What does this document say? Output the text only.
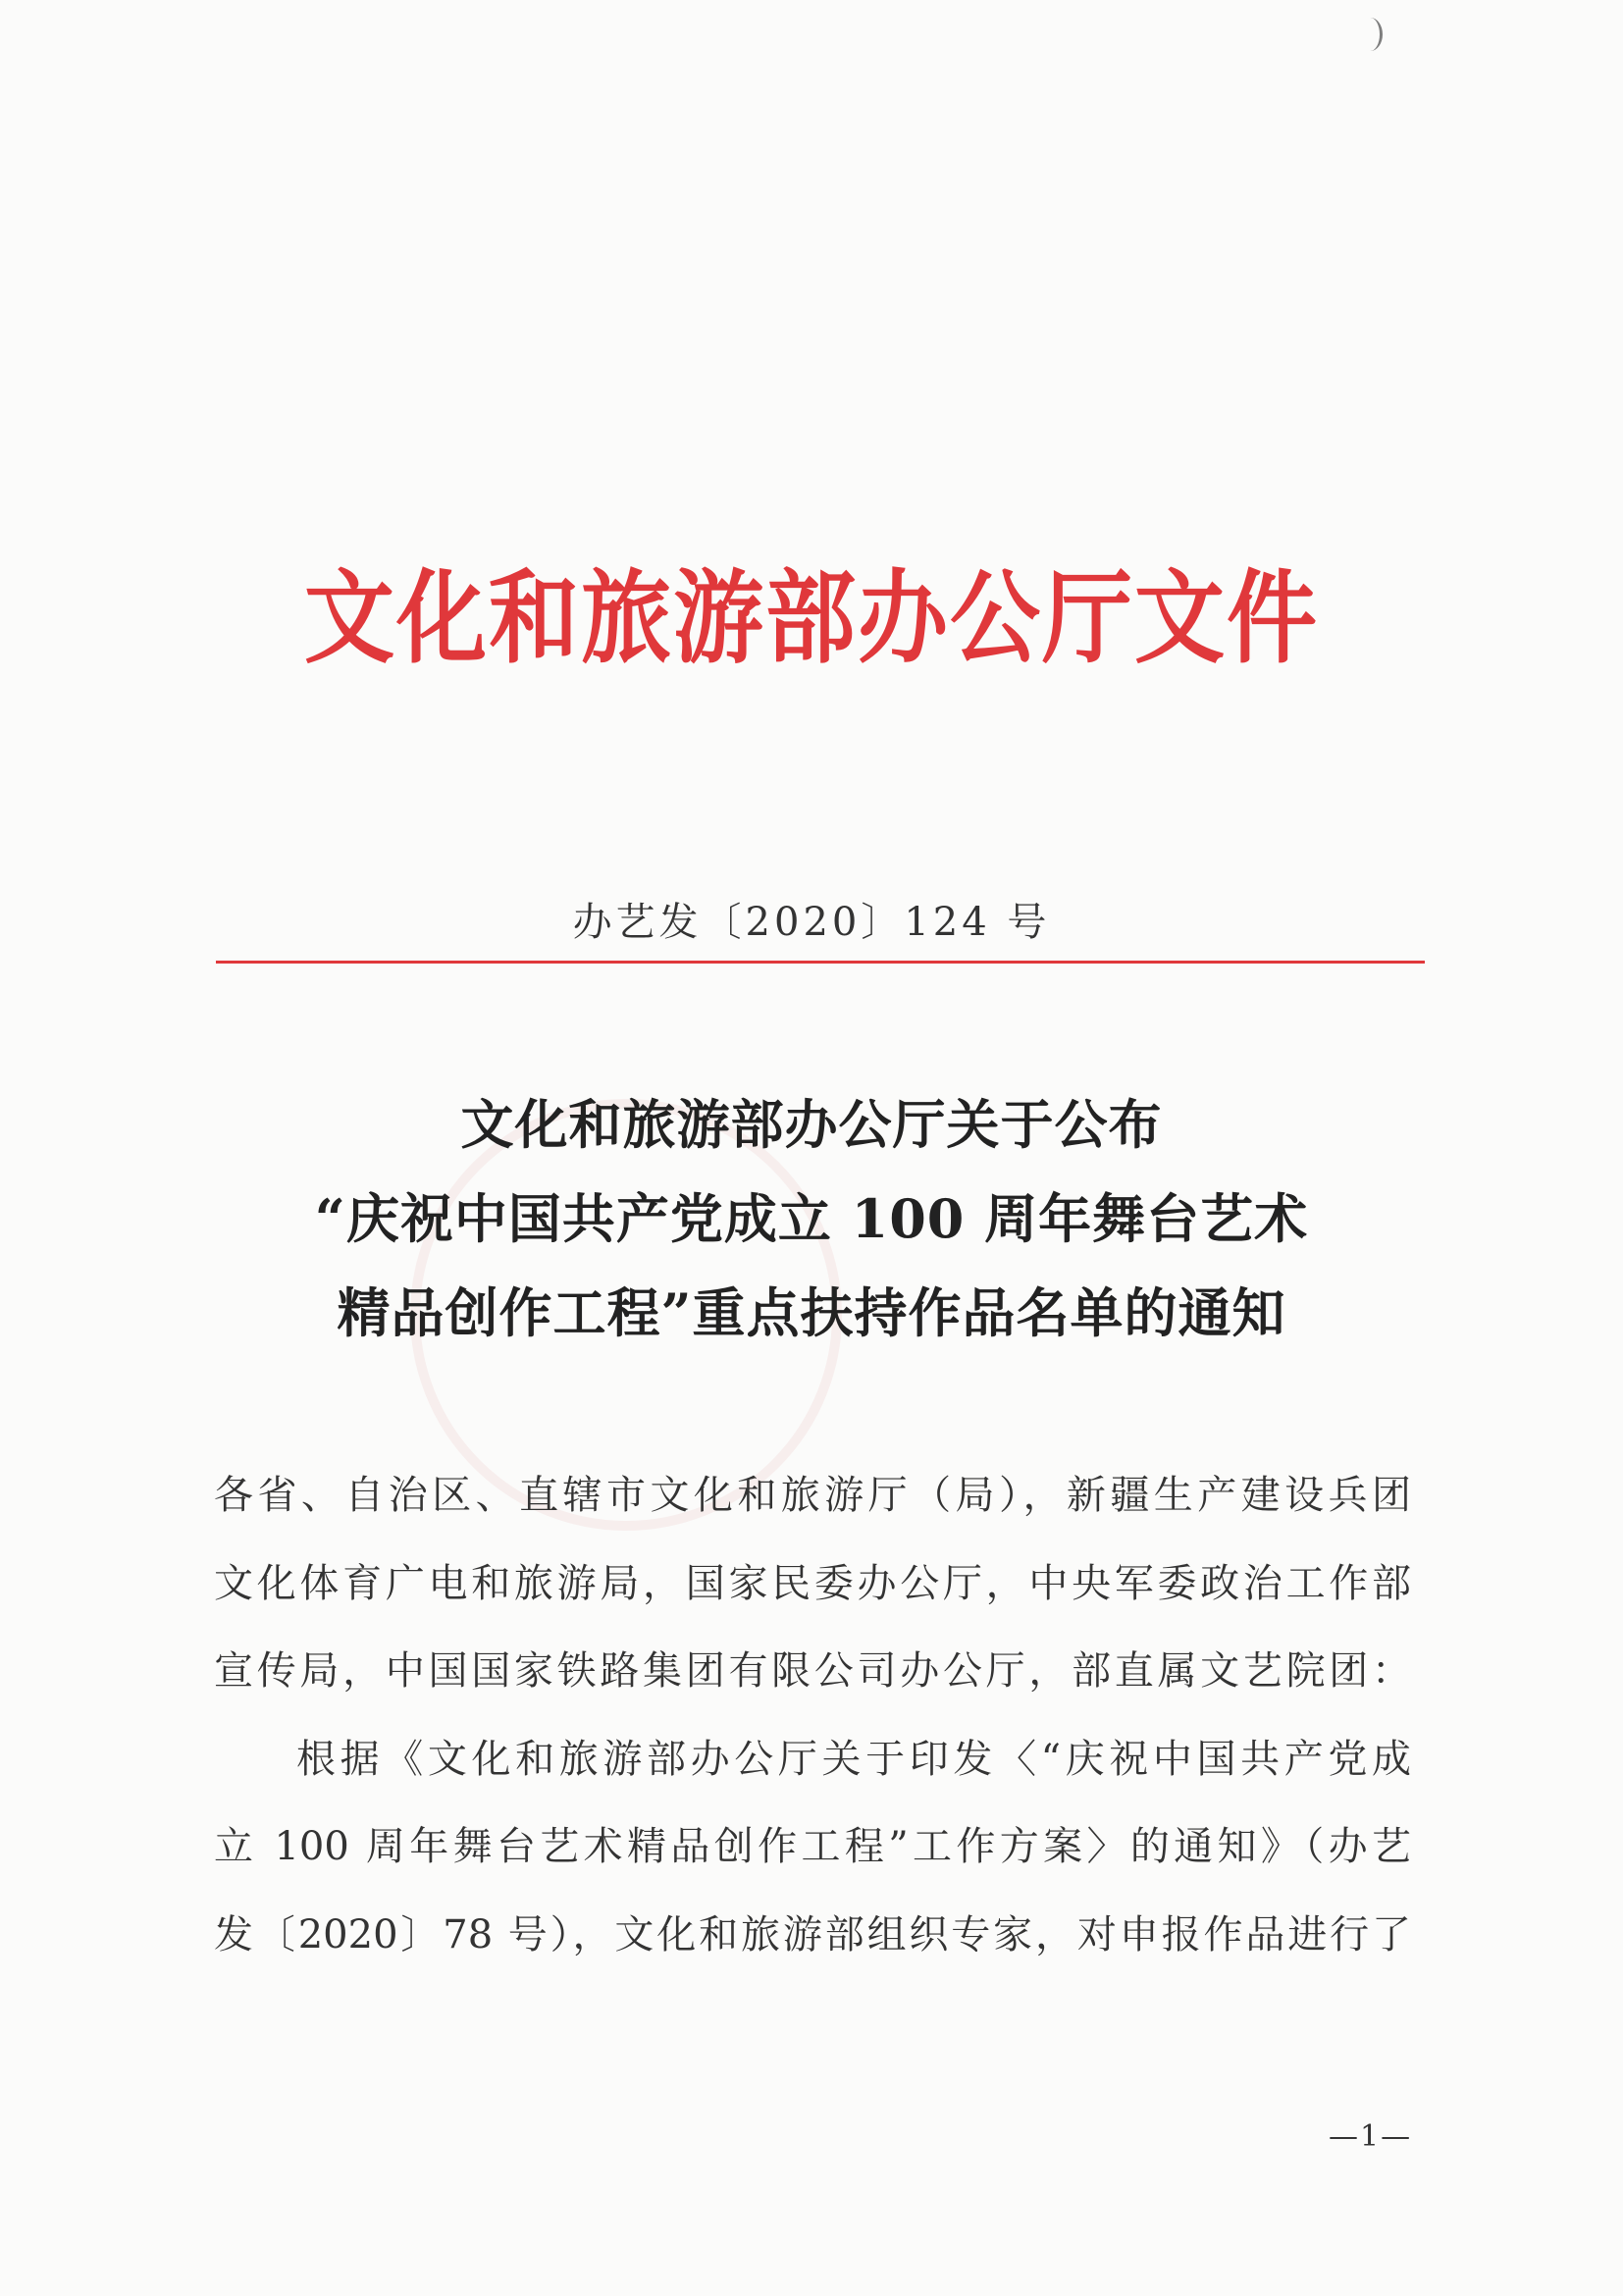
文化和旅游部办公厅文件
办艺发〔2020〕124 号
文化和旅游部办公厅关于公布
“庆祝中国共产党成立 100 周年舞台艺术
精品创作工程”重点扶持作品名单的通知
各省、自治区、直辖市文化和旅游厅（局），新疆生产建设兵团
文化体育广电和旅游局，国家民委办公厅，中央军委政治工作部
宣传局，中国国家铁路集团有限公司办公厅，部直属文艺院团：
根据《文化和旅游部办公厅关于印发〈“庆祝中国共产党成
立 100 周年舞台艺术精品创作工程”工作方案〉的通知》（办艺
发〔2020〕78 号），文化和旅游部组织专家，对申报作品进行了
—1—
